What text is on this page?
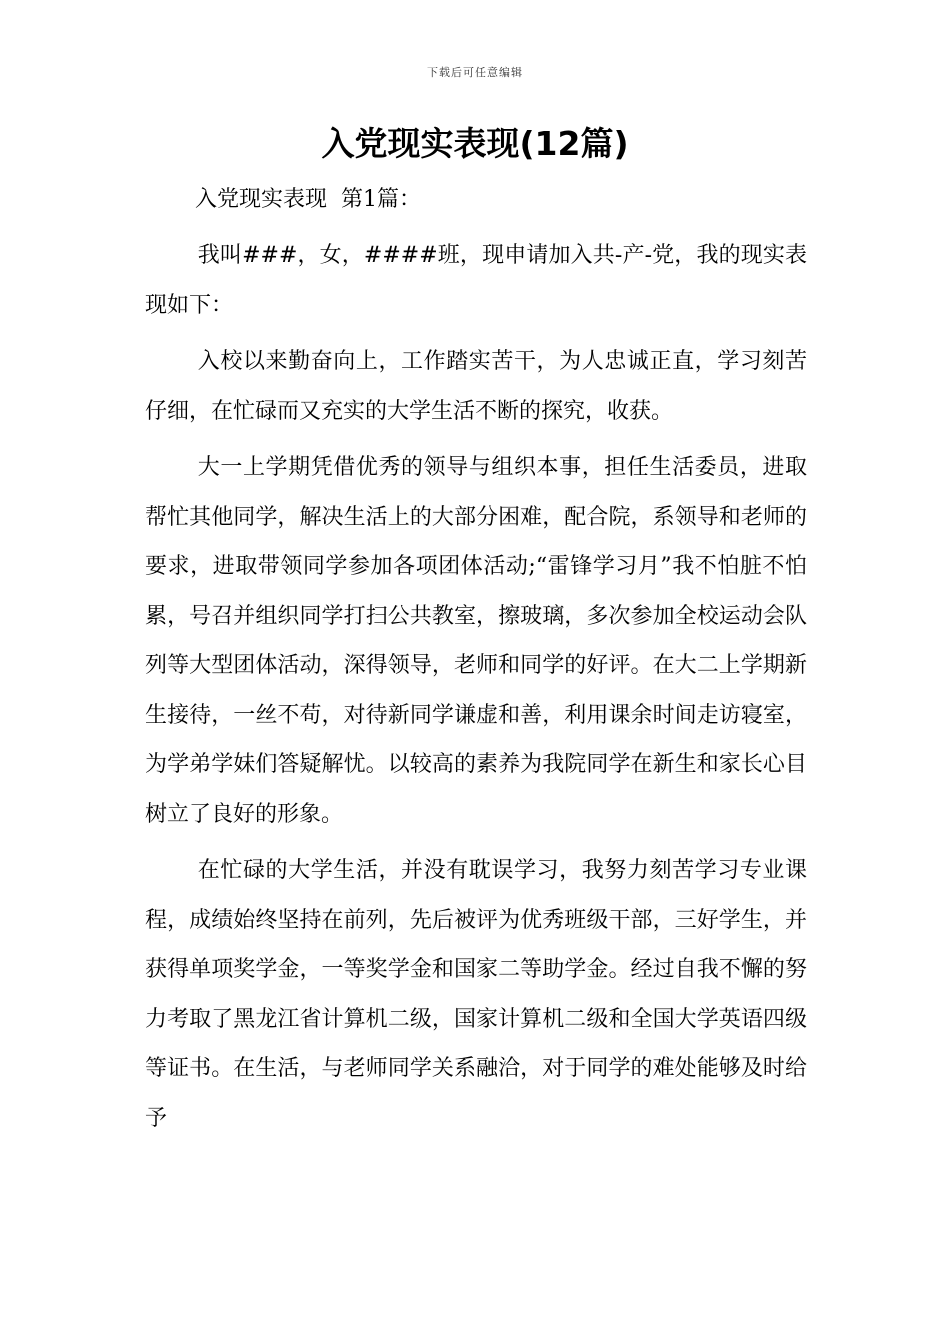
下载后可任意编辑
入党现实表现(12篇)
入党现实表现  第1篇：

我叫###，女，####班，现申请加入共-产-党，我的现实表现如下：

入校以来勤奋向上，工作踏实苦干，为人忠诚正直，学习刻苦仔细，在忙碌而又充实的大学生活不断的探究，收获。

大一上学期凭借优秀的领导与组织本事，担任生活委员，进取帮忙其他同学，解决生活上的大部分困难，配合院，系领导和老师的要求，进取带领同学参加各项团体活动;“雷锋学习月”我不怕脏不怕累，号召并组织同学打扫公共教室，擦玻璃，多次参加全校运动会队列等大型团体活动，深得领导，老师和同学的好评。在大二上学期新生接待，一丝不苟，对待新同学谦虚和善，利用课余时间走访寝室，为学弟学妹们答疑解忧。以较高的素养为我院同学在新生和家长心目树立了良好的形象。

在忙碌的大学生活，并没有耽误学习，我努力刻苦学习专业课程，成绩始终坚持在前列，先后被评为优秀班级干部，三好学生，并获得单项奖学金，一等奖学金和国家二等助学金。经过自我不懈的努力考取了黑龙江省计算机二级，国家计算机二级和全国大学英语四级等证书。在生活，与老师同学关系融洽，对于同学的难处能够及时给予
